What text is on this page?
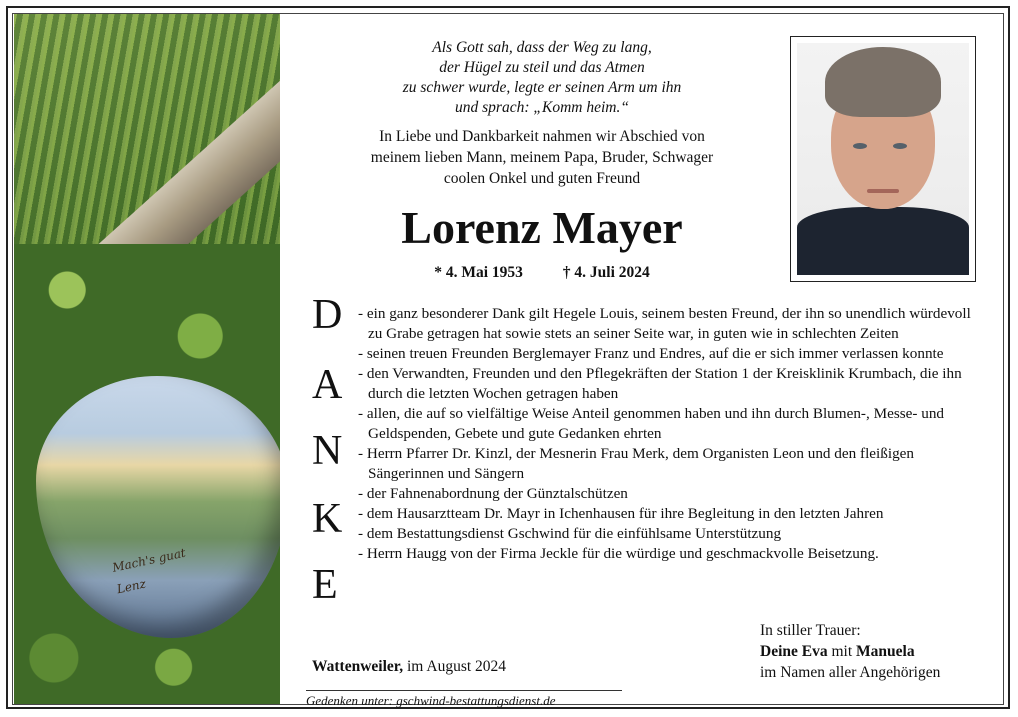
Mach's guat
Lenz
Als Gott sah, dass der Weg zu lang,
der Hügel zu steil und das Atmen
zu schwer wurde, legte er seinen Arm um ihn
und sprach: „Komm heim.“
In Liebe und Dankbarkeit nahmen wir Abschied von
meinem lieben Mann, meinem Papa, Bruder, Schwager
coolen Onkel und guten Freund
Lorenz Mayer
* 4. Mai 1953	† 4. Juli 2024
D
A
N
K
E
- ein ganz besonderer Dank gilt Hegele Louis, seinem besten Freund, der ihn so unendlich würdevoll zu Grabe getragen hat sowie stets an seiner Seite war, in guten wie in schlechten Zeiten
- seinen treuen Freunden Berglemayer Franz und Endres, auf die er sich immer verlassen konnte
- den Verwandten, Freunden und den Pflegekräften der Station 1 der Kreisklinik Krumbach, die ihn durch die letzten Wochen getragen haben
- allen, die auf so vielfältige Weise Anteil genommen haben und ihn durch Blumen-, Messe- und Geldspenden, Gebete und gute Gedanken ehrten
- Herrn Pfarrer Dr. Kinzl, der Mesnerin Frau Merk, dem Organisten Leon und den fleißigen Sängerinnen und Sängern
- der Fahnenabordnung der Günztalschützen
- dem Hausarztteam Dr. Mayr in Ichenhausen für ihre Begleitung in den letzten Jahren
- dem Bestattungsdienst Gschwind für die einfühlsame Unterstützung
- Herrn Haugg von der Firma Jeckle für die würdige und geschmackvolle Beisetzung.
Wattenweiler, im August 2024
In stiller Trauer:
Deine Eva mit Manuela
im Namen aller Angehörigen
Gedenken unter: gschwind-bestattungsdienst.de
